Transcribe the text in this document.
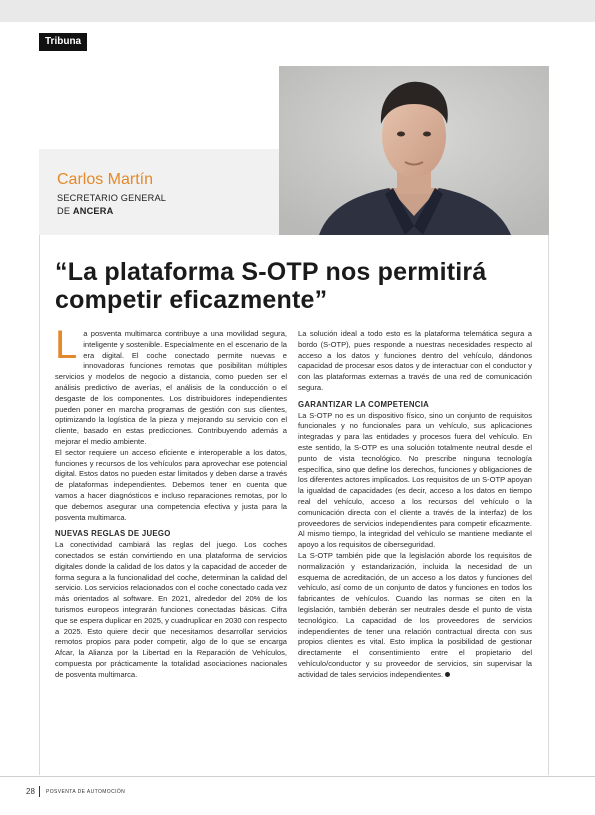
Tribuna
Carlos Martín
SECRETARIO GENERAL
DE ANCERA
“La plataforma S-OTP nos permitirá competir eficazmente”

La posventa multimarca contribuye a una movilidad segura, inteligente y sostenible. Especialmente en el escenario de la era digital. El coche conectado permite nuevas e innovadoras funciones remotas que posibilitan múltiples servicios y modelos de negocio a distancia, como pueden ser el análisis predictivo de averías, el análisis de la conducción o el desgaste de los componentes. Los distribuidores independientes pueden poner en marcha programas de gestión con sus clientes, optimizando la logística de la pieza y mejorando su servicio con el cliente, basado en estas predicciones. Contribuyendo además a mejorar el medio ambiente.

El sector requiere un acceso eficiente e interoperable a los datos, funciones y recursos de los vehículos para aprovechar ese potencial digital. Estos datos no pueden estar limitados y deben darse a través de plataformas independientes. Debemos tener en cuenta que vamos a hacer diagnósticos e incluso reparaciones remotas, por lo que debemos asegurar una competencia efectiva y justa para la posventa multimarca.

NUEVAS REGLAS DE JUEGO

La conectividad cambiará las reglas del juego. Los coches conectados se están convirtiendo en una plataforma de servicios digitales donde la calidad de los datos y la capacidad de acceder de forma segura a la funcionalidad del coche, determinan la calidad del servicio. Los servicios relacionados con el coche conectado cada vez más orientados al software. En 2021, alrededor del 20% de los turismos europeos integrarán funciones conectadas básicas. Cifra que se espera duplicar en 2025, y cuadruplicar en 2030 con respecto a 2025. Esto quiere decir que necesitamos desarrollar servicios remotos propios para poder competir, algo de lo que se encarga Afcar, la Alianza por la Libertad en la Reparación de Vehículos, compuesta por prácticamente la totalidad asociaciones nacionales de posventa multimarca.

La solución ideal a todo esto es la plataforma telemática segura a bordo (S-OTP), pues responde a nuestras necesidades respecto al acceso a los datos y funciones dentro del vehículo, dándonos capacidad de procesar esos datos y de interactuar con el conductor y con las plataformas externas a través de una red de comunicación segura.

GARANTIZAR LA COMPETENCIA

La S-OTP no es un dispositivo físico, sino un conjunto de requisitos funcionales y no funcionales para un vehículo, sus aplicaciones integradas y para las entidades y procesos fuera del vehículo. En este sentido, la S-OTP es una solución totalmente neutral desde el punto de vista tecnológico. No prescribe ninguna tecnología específica, sino que define los derechos, funciones y obligaciones de los diferentes actores implicados. Los requisitos de un S-OTP apoyan la igualdad de capacidades (es decir, acceso a los datos en tiempo real del vehículo, acceso a los recursos del vehículo o la comunicación directa con el cliente a través de la interfaz) de los proveedores de servicios independientes para competir eficazmente. Al mismo tiempo, la integridad del vehículo se mantiene mediante el apoyo a los requisitos de ciberseguridad.

La S-OTP también pide que la legislación aborde los requisitos de normalización y estandarización, incluida la necesidad de un esquema de acreditación, de un acceso a los datos y funciones del vehículo, así como de un conjunto de datos y funciones en todos los fabricantes de vehículos. Cuando las normas se citen en la legislación, también deberán ser neutrales desde el punto de vista tecnológico. La capacidad de los proveedores de servicios independientes de tener una relación contractual directa con sus propios clientes es vital. Esto implica la posibilidad de gestionar directamente el consentimiento entre el propietario del vehículo/conductor y su proveedor de servicios, sin supervisar la actividad de tales servicios independientes.

28 POSVENTA DE AUTOMOCIÓN
